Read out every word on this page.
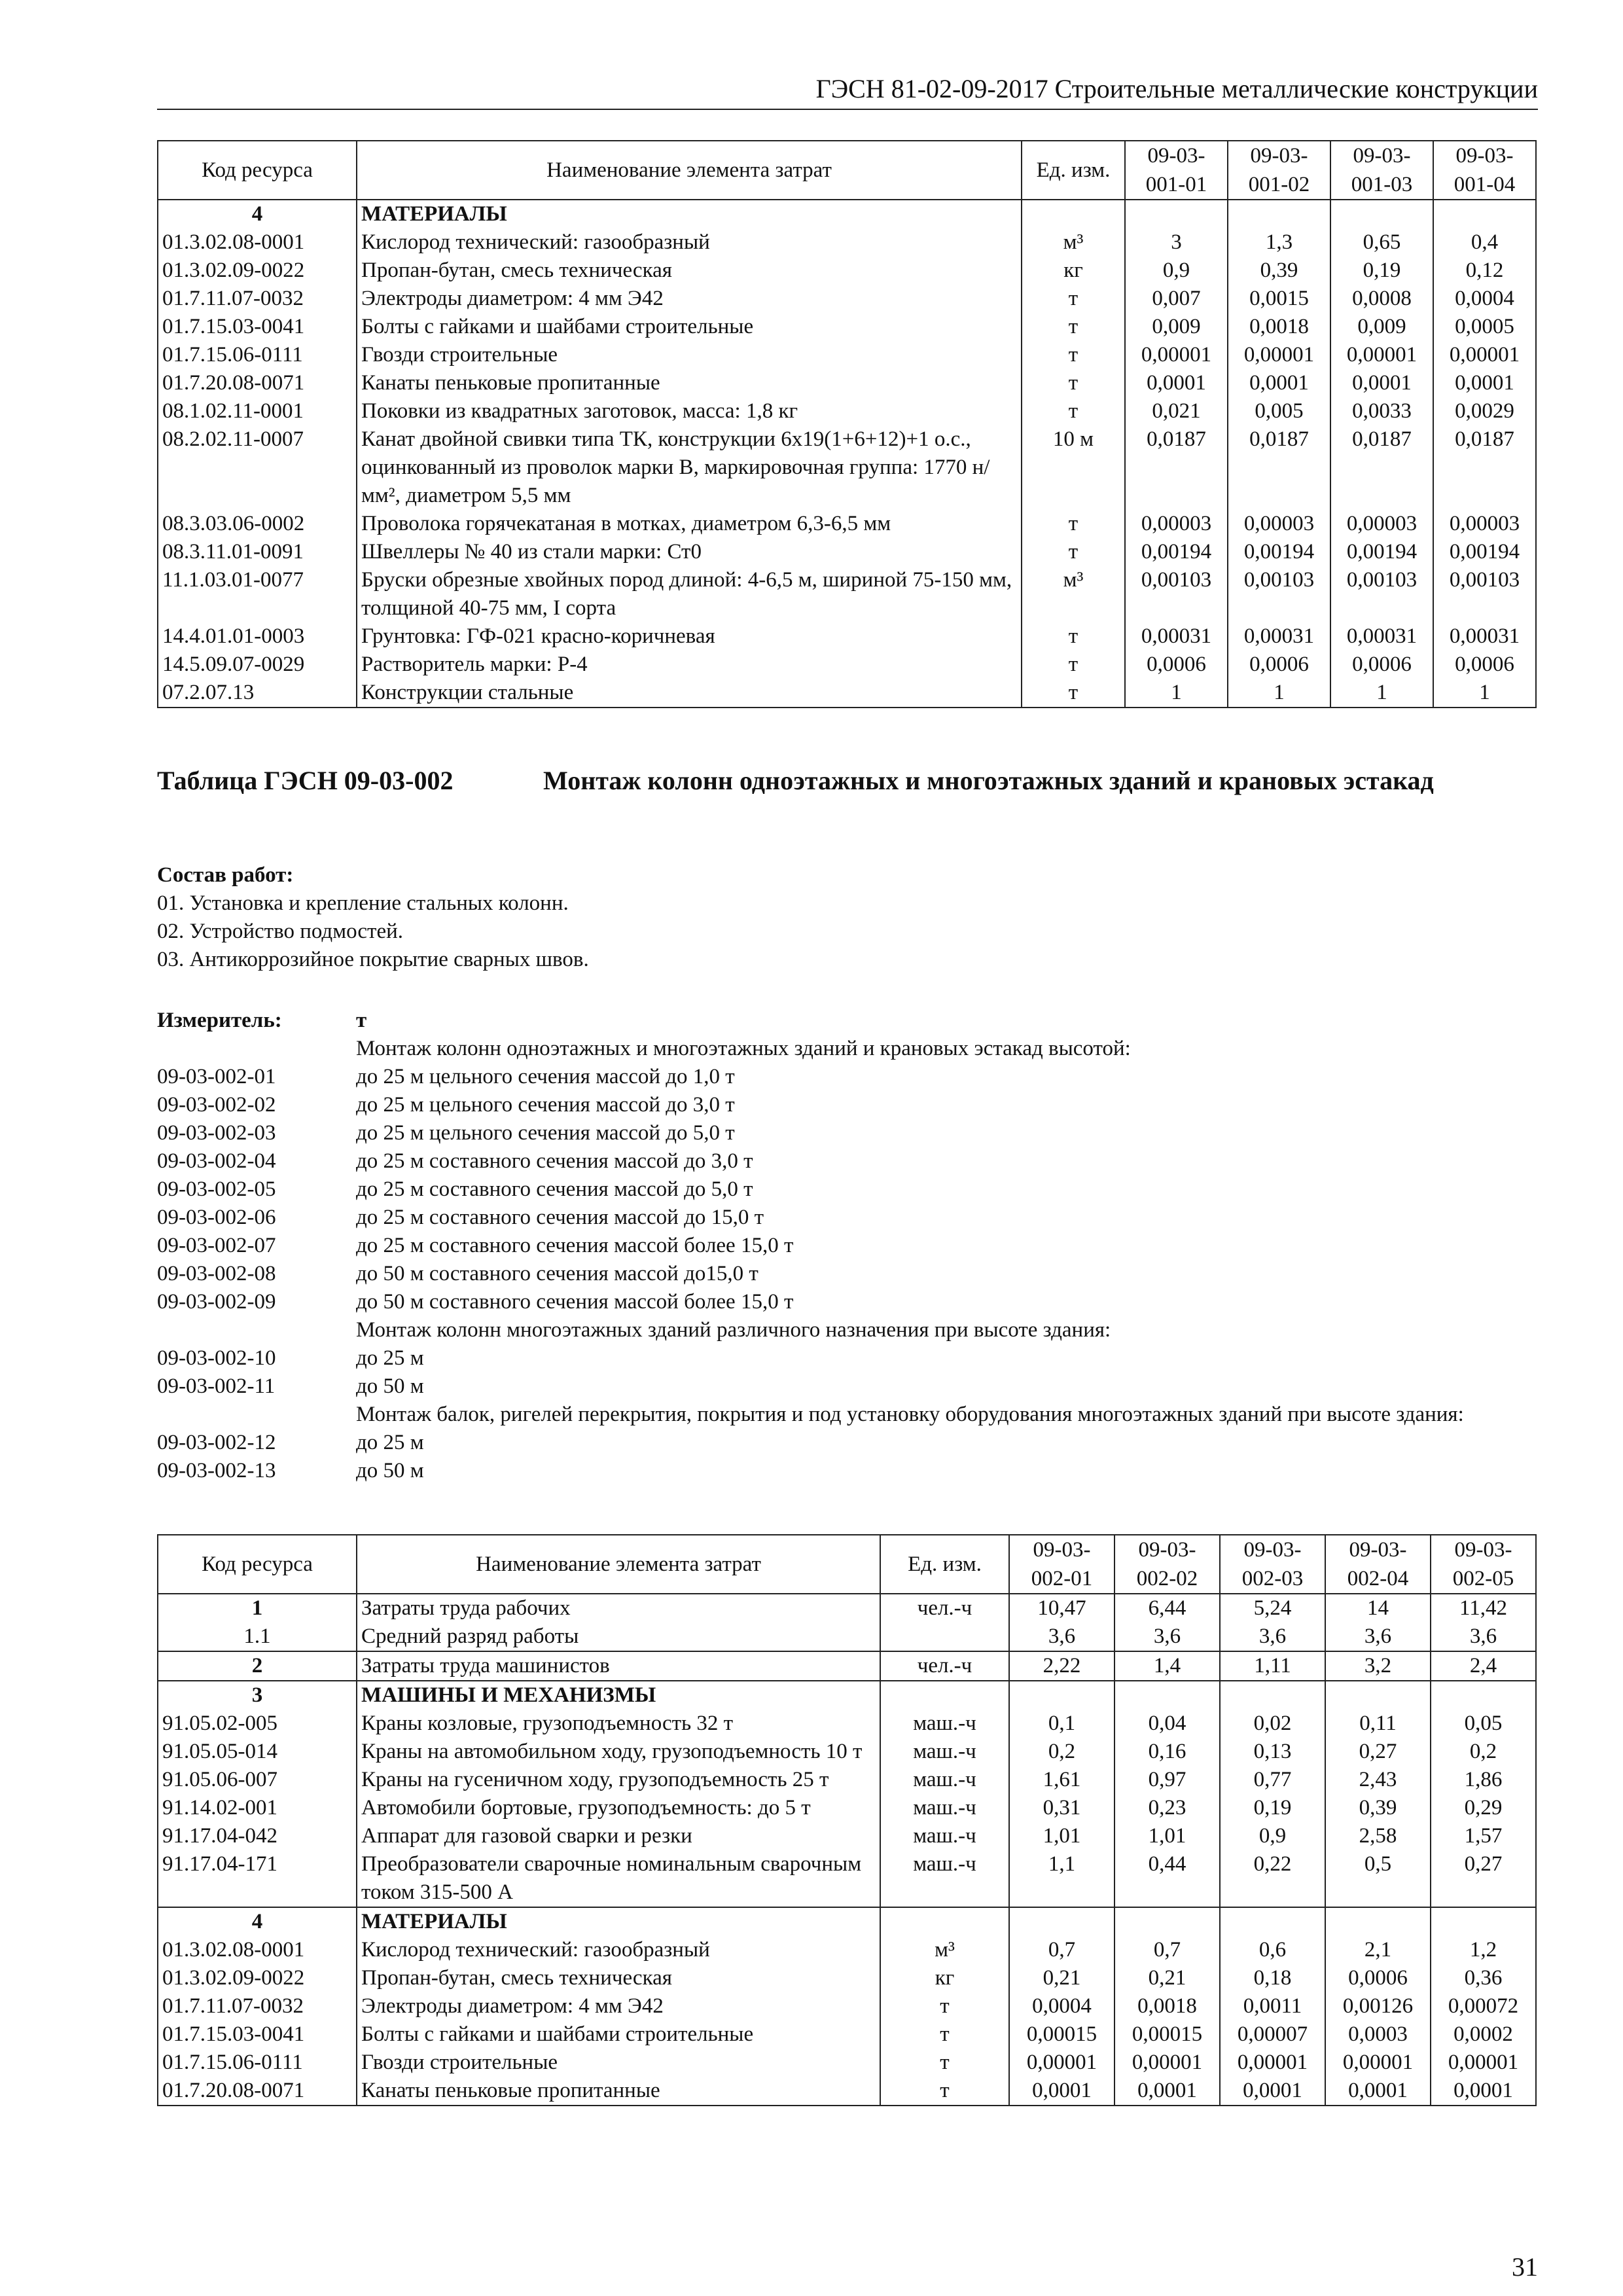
ГЭСН 81-02-09-2017 Строительные металлические конструкции
Код ресурса	Наименование элемента затрат	Ед. изм.	09-03-001-01	09-03-001-02	09-03-001-03	09-03-001-04
4	МАТЕРИАЛЫ					
01.3.02.08-0001	Кислород технический: газообразный	м³	3	1,3	0,65	0,4
01.3.02.09-0022	Пропан-бутан, смесь техническая	кг	0,9	0,39	0,19	0,12
01.7.11.07-0032	Электроды диаметром: 4 мм Э42	т	0,007	0,0015	0,0008	0,0004
01.7.15.03-0041	Болты с гайками и шайбами строительные	т	0,009	0,0018	0,009	0,0005
01.7.15.06-0111	Гвозди строительные	т	0,00001	0,00001	0,00001	0,00001
01.7.20.08-0071	Канаты пеньковые пропитанные	т	0,0001	0,0001	0,0001	0,0001
08.1.02.11-0001	Поковки из квадратных заготовок, масса: 1,8 кг	т	0,021	0,005	0,0033	0,0029
08.2.02.11-0007	Канат двойной свивки типа ТК, конструкции 6х19(1+6+12)+1 о.с., оцинкованный из проволок марки В, маркировочная группа: 1770 н/мм², диаметром 5,5 мм	10 м	0,0187	0,0187	0,0187	0,0187
08.3.03.06-0002	Проволока горячекатаная в мотках, диаметром 6,3-6,5 мм	т	0,00003	0,00003	0,00003	0,00003
08.3.11.01-0091	Швеллеры № 40 из стали марки: Ст0	т	0,00194	0,00194	0,00194	0,00194
11.1.03.01-0077	Бруски обрезные хвойных пород длиной: 4-6,5 м, шириной 75-150 мм, толщиной 40-75 мм, I сорта	м³	0,00103	0,00103	0,00103	0,00103
14.4.01.01-0003	Грунтовка: ГФ-021 красно-коричневая	т	0,00031	0,00031	0,00031	0,00031
14.5.09.07-0029	Растворитель марки: Р-4	т	0,0006	0,0006	0,0006	0,0006
07.2.07.13	Конструкции стальные	т	1	1	1	1
Таблица ГЭСН 09-03-002	Монтаж колонн одноэтажных и многоэтажных зданий и крановых эстакад
Состав работ:
01. Установка и крепление стальных колонн.
02. Устройство подмостей.
03. Антикоррозийное покрытие сварных швов.
Измеритель:	т
Монтаж колонн одноэтажных и многоэтажных зданий и крановых эстакад высотой:
09-03-002-01	до 25 м цельного сечения массой до 1,0 т
09-03-002-02	до 25 м цельного сечения массой до 3,0 т
09-03-002-03	до 25 м цельного сечения массой до 5,0 т
09-03-002-04	до 25 м составного сечения массой до 3,0 т
09-03-002-05	до 25 м составного сечения массой до 5,0 т
09-03-002-06	до 25 м составного сечения массой до 15,0 т
09-03-002-07	до 25 м составного сечения массой более 15,0 т
09-03-002-08	до 50 м составного сечения массой до15,0 т
09-03-002-09	до 50 м составного сечения массой более 15,0 т
Монтаж колонн многоэтажных зданий различного назначения при высоте здания:
09-03-002-10	до 25 м
09-03-002-11	до 50 м
Монтаж балок, ригелей перекрытия, покрытия и под установку оборудования многоэтажных зданий при высоте здания:
09-03-002-12	до 25 м
09-03-002-13	до 50 м
Код ресурса	Наименование элемента затрат	Ед. изм.	09-03-002-01	09-03-002-02	09-03-002-03	09-03-002-04	09-03-002-05
1	Затраты труда рабочих	чел.-ч	10,47	6,44	5,24	14	11,42
1.1	Средний разряд работы		3,6	3,6	3,6	3,6	3,6
2	Затраты труда машинистов	чел.-ч	2,22	1,4	1,11	3,2	2,4
3	МАШИНЫ И МЕХАНИЗМЫ						
91.05.02-005	Краны козловые, грузоподъемность 32 т	маш.-ч	0,1	0,04	0,02	0,11	0,05
91.05.05-014	Краны на автомобильном ходу, грузоподъемность 10 т	маш.-ч	0,2	0,16	0,13	0,27	0,2
91.05.06-007	Краны на гусеничном ходу, грузоподъемность 25 т	маш.-ч	1,61	0,97	0,77	2,43	1,86
91.14.02-001	Автомобили бортовые, грузоподъемность: до 5 т	маш.-ч	0,31	0,23	0,19	0,39	0,29
91.17.04-042	Аппарат для газовой сварки и резки	маш.-ч	1,01	1,01	0,9	2,58	1,57
91.17.04-171	Преобразователи сварочные номинальным сварочным током 315-500 А	маш.-ч	1,1	0,44	0,22	0,5	0,27
4	МАТЕРИАЛЫ						
01.3.02.08-0001	Кислород технический: газообразный	м³	0,7	0,7	0,6	2,1	1,2
01.3.02.09-0022	Пропан-бутан, смесь техническая	кг	0,21	0,21	0,18	0,0006	0,36
01.7.11.07-0032	Электроды диаметром: 4 мм Э42	т	0,0004	0,0018	0,0011	0,00126	0,00072
01.7.15.03-0041	Болты с гайками и шайбами строительные	т	0,00015	0,00015	0,00007	0,0003	0,0002
01.7.15.06-0111	Гвозди строительные	т	0,00001	0,00001	0,00001	0,00001	0,00001
01.7.20.08-0071	Канаты пеньковые пропитанные	т	0,0001	0,0001	0,0001	0,0001	0,0001
31
